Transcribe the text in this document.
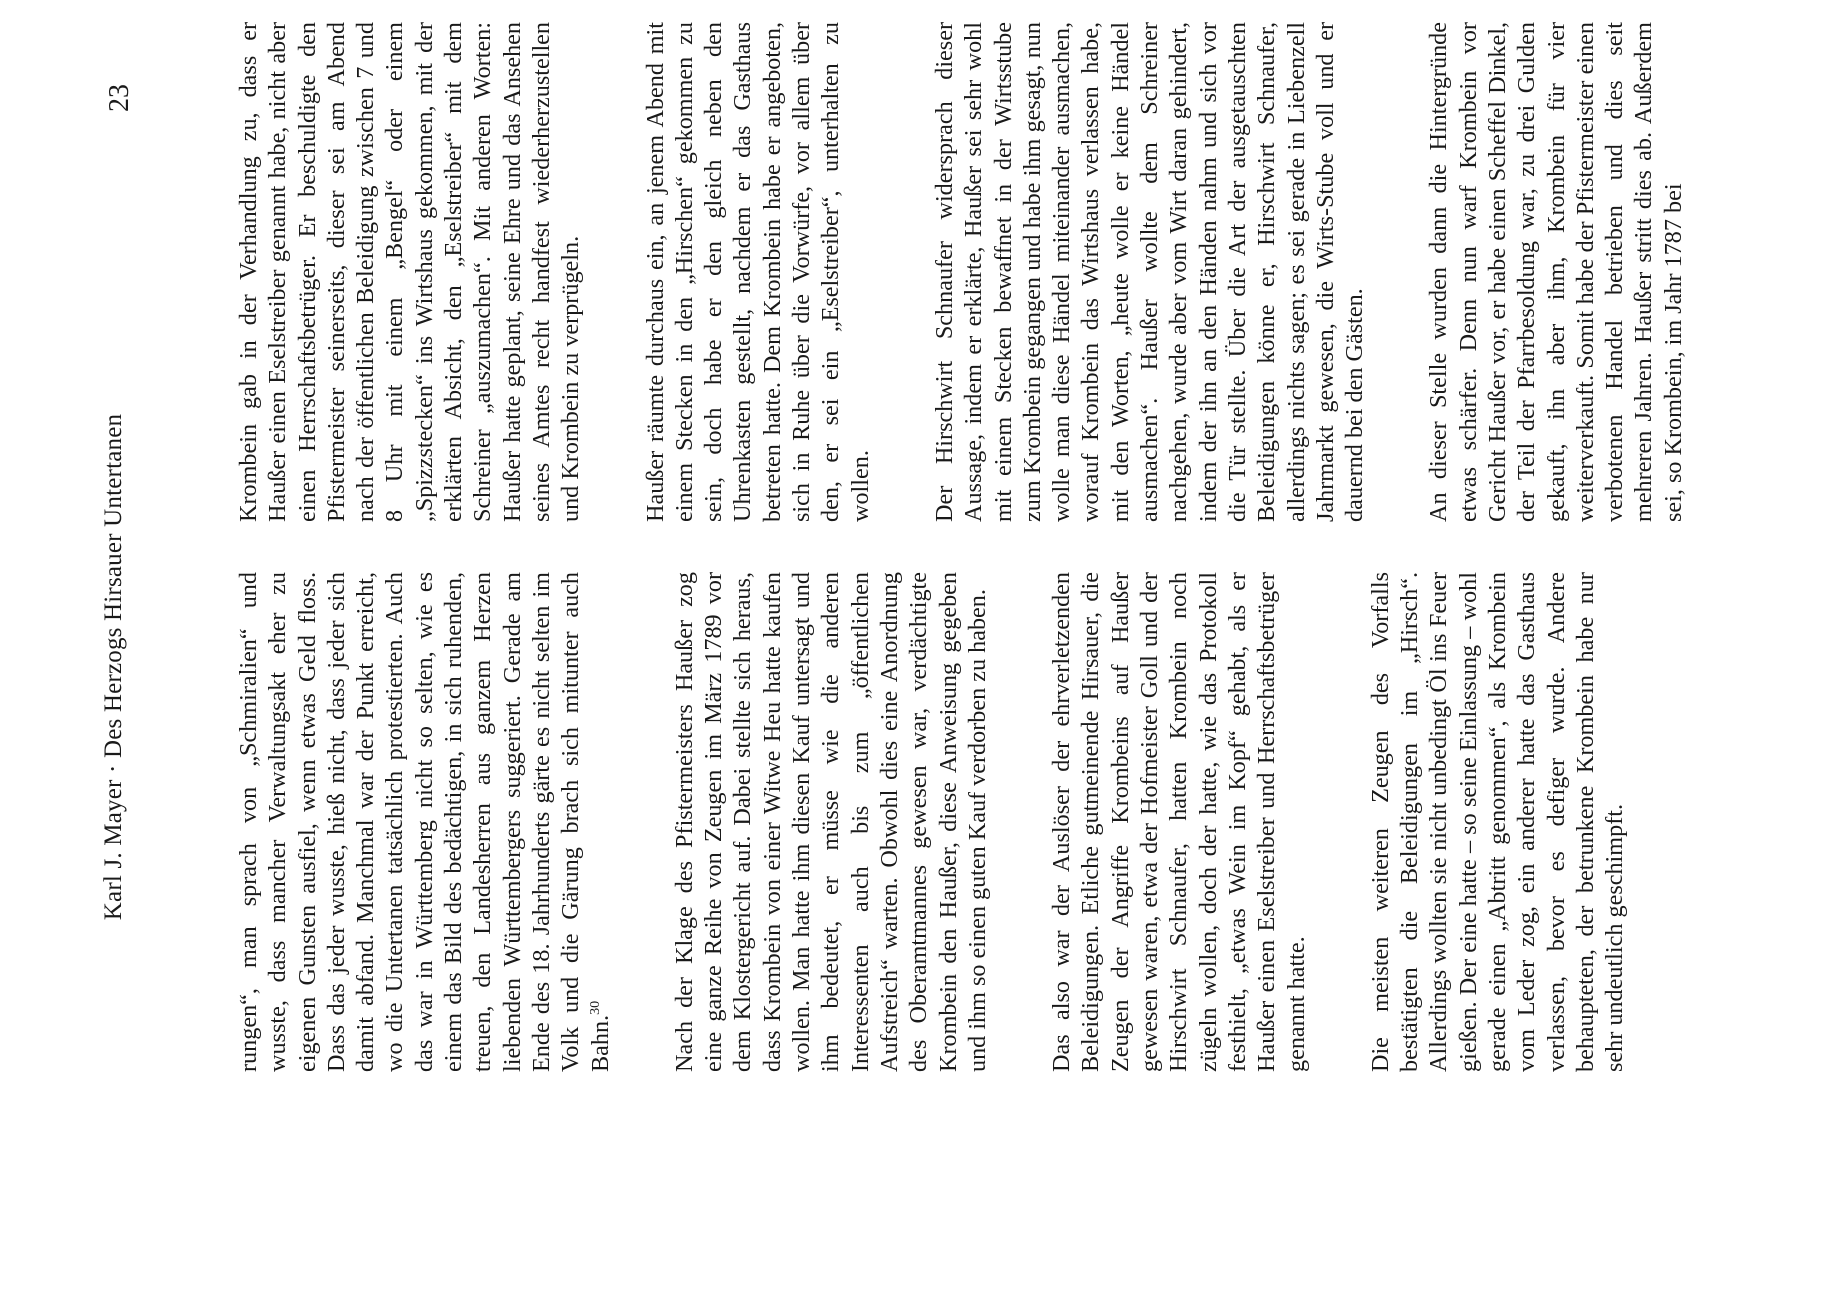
Karl J. Mayer · Des Herzogs Hirsauer Untertanen
23

rungen“, man sprach von „Schmiralien“ und wusste, dass mancher Verwaltungsakt eher zu eigenen Gunsten ausfiel, wenn etwas Geld floss. Dass das jeder wusste, hieß nicht, dass jeder sich damit abfand. Manchmal war der Punkt erreicht, wo die Untertanen tatsächlich protestierten. Auch das war in Württemberg nicht so selten, wie es einem das Bild des bedächtigen, in sich ruhenden, treuen, den Landesherren aus ganzem Herzen liebenden Württembergers suggeriert. Gerade am Ende des 18. Jahrhunderts gärte es nicht selten im Volk und die Gärung brach sich mitunter auch Bahn.$^{30}$	Nach der Klage des Pfistermeisters Haußer zog eine ganze Reihe von Zeugen im März 1789 vor dem Klostergericht auf. Dabei stellte sich heraus, dass Krombein von einer Witwe Heu hatte kaufen wollen. Man hatte ihm diesen Kauf untersagt und ihm bedeutet, er müsse wie die anderen Interessenten auch bis zum „öffentlichen Aufstreich“ warten. Obwohl dies eine Anordnung des Oberamtmannes gewesen war, verdächtigte Krombein den Haußer, diese Anweisung gegeben und ihm so einen guten Kauf verdorben zu haben. Das also war der Auslöser der ehrverletzenden Beleidigungen. Etliche gutmeinende Hirsauer, die Zeugen der Angriffe Krombeins auf Haußer gewesen waren, etwa der Hofmeister Goll und der Hirschwirt Schnaufer, hatten Krombein noch zügeln wollen, doch der hatte, wie das Protokoll festhielt, „etwas Wein im Kopf“ gehabt, als er Haußer einen Eselstreiber und Herrschaftsbetrüger genannt hatte. Die meisten weiteren Zeugen des Vorfalls bestätigten die Beleidigungen im „Hirsch“. Allerdings wollten sie nicht unbedingt Öl ins Feuer gießen. Der eine hatte – so seine Einlassung – wohl gerade einen „Abtritt genommen“, als Krombein vom Leder zog, ein anderer hatte das Gasthaus verlassen, bevor es defiger wurde. Andere behaupteten, der betrunkene Krombein habe nur sehr undeutlich geschimpft.

Krombein gab in der Verhandlung zu, dass er Haußer einen Eselstreiber genannt habe, nicht aber einen Herrschaftsbetrüger. Er beschuldigte den Pfistermeister seinerseits, dieser sei am Abend nach der öffentlichen Beleidigung zwischen 7 und 8 Uhr mit einem „Bengel“ oder einem „Spizzstecken“ ins Wirtshaus gekommen, mit der erklärten Absicht, den „Eselstreiber“ mit dem Schreiner „auszumachen“. Mit anderen Worten: Haußer hatte geplant, seine Ehre und das Ansehen seines Amtes recht handfest wiederherzustellen und Krombein zu verprügeln. Haußer räumte durchaus ein, an jenem Abend mit einem Stecken in den „Hirschen“ gekommen zu sein, doch habe er den gleich neben den Uhrenkasten gestellt, nachdem er das Gasthaus betreten hatte. Dem Krombein habe er angeboten, sich in Ruhe über die Vorwürfe, vor allem über den, er sei ein „Eselstreiber“, unterhalten zu wollen. Der Hirschwirt Schnaufer widersprach dieser Aussage, indem er erklärte, Haußer sei sehr wohl mit einem Stecken bewaffnet in der Wirtsstube zum Krombein gegangen und habe ihm gesagt, nun wolle man diese Händel miteinander ausmachen, worauf Krombein das Wirtshaus verlassen habe, mit den Worten, „heute wolle er keine Händel ausmachen“. Haußer wollte dem Schreiner nachgehen, wurde aber vom Wirt daran gehindert, indem der ihn an den Händen nahm und sich vor die Tür stellte. Über die Art der ausgetauschten Beleidigungen könne er, Hirschwirt Schnaufer, allerdings nichts sagen; es sei gerade in Liebenzell Jahrmarkt gewesen, die Wirts-Stube voll und er dauernd bei den Gästen. An dieser Stelle wurden dann die Hintergründe etwas schärfer. Denn nun warf Krombein vor Gericht Haußer vor, er habe einen Scheffel Dinkel, der Teil der Pfarrbesoldung war, zu drei Gulden gekauft, ihn aber ihm, Krombein für vier weiterverkauft. Somit habe der Pfistermeister einen verbotenen Handel betrieben und dies seit mehreren Jahren. Haußer stritt dies ab. Außerdem sei, so Krombein, im Jahr 1787 bei
